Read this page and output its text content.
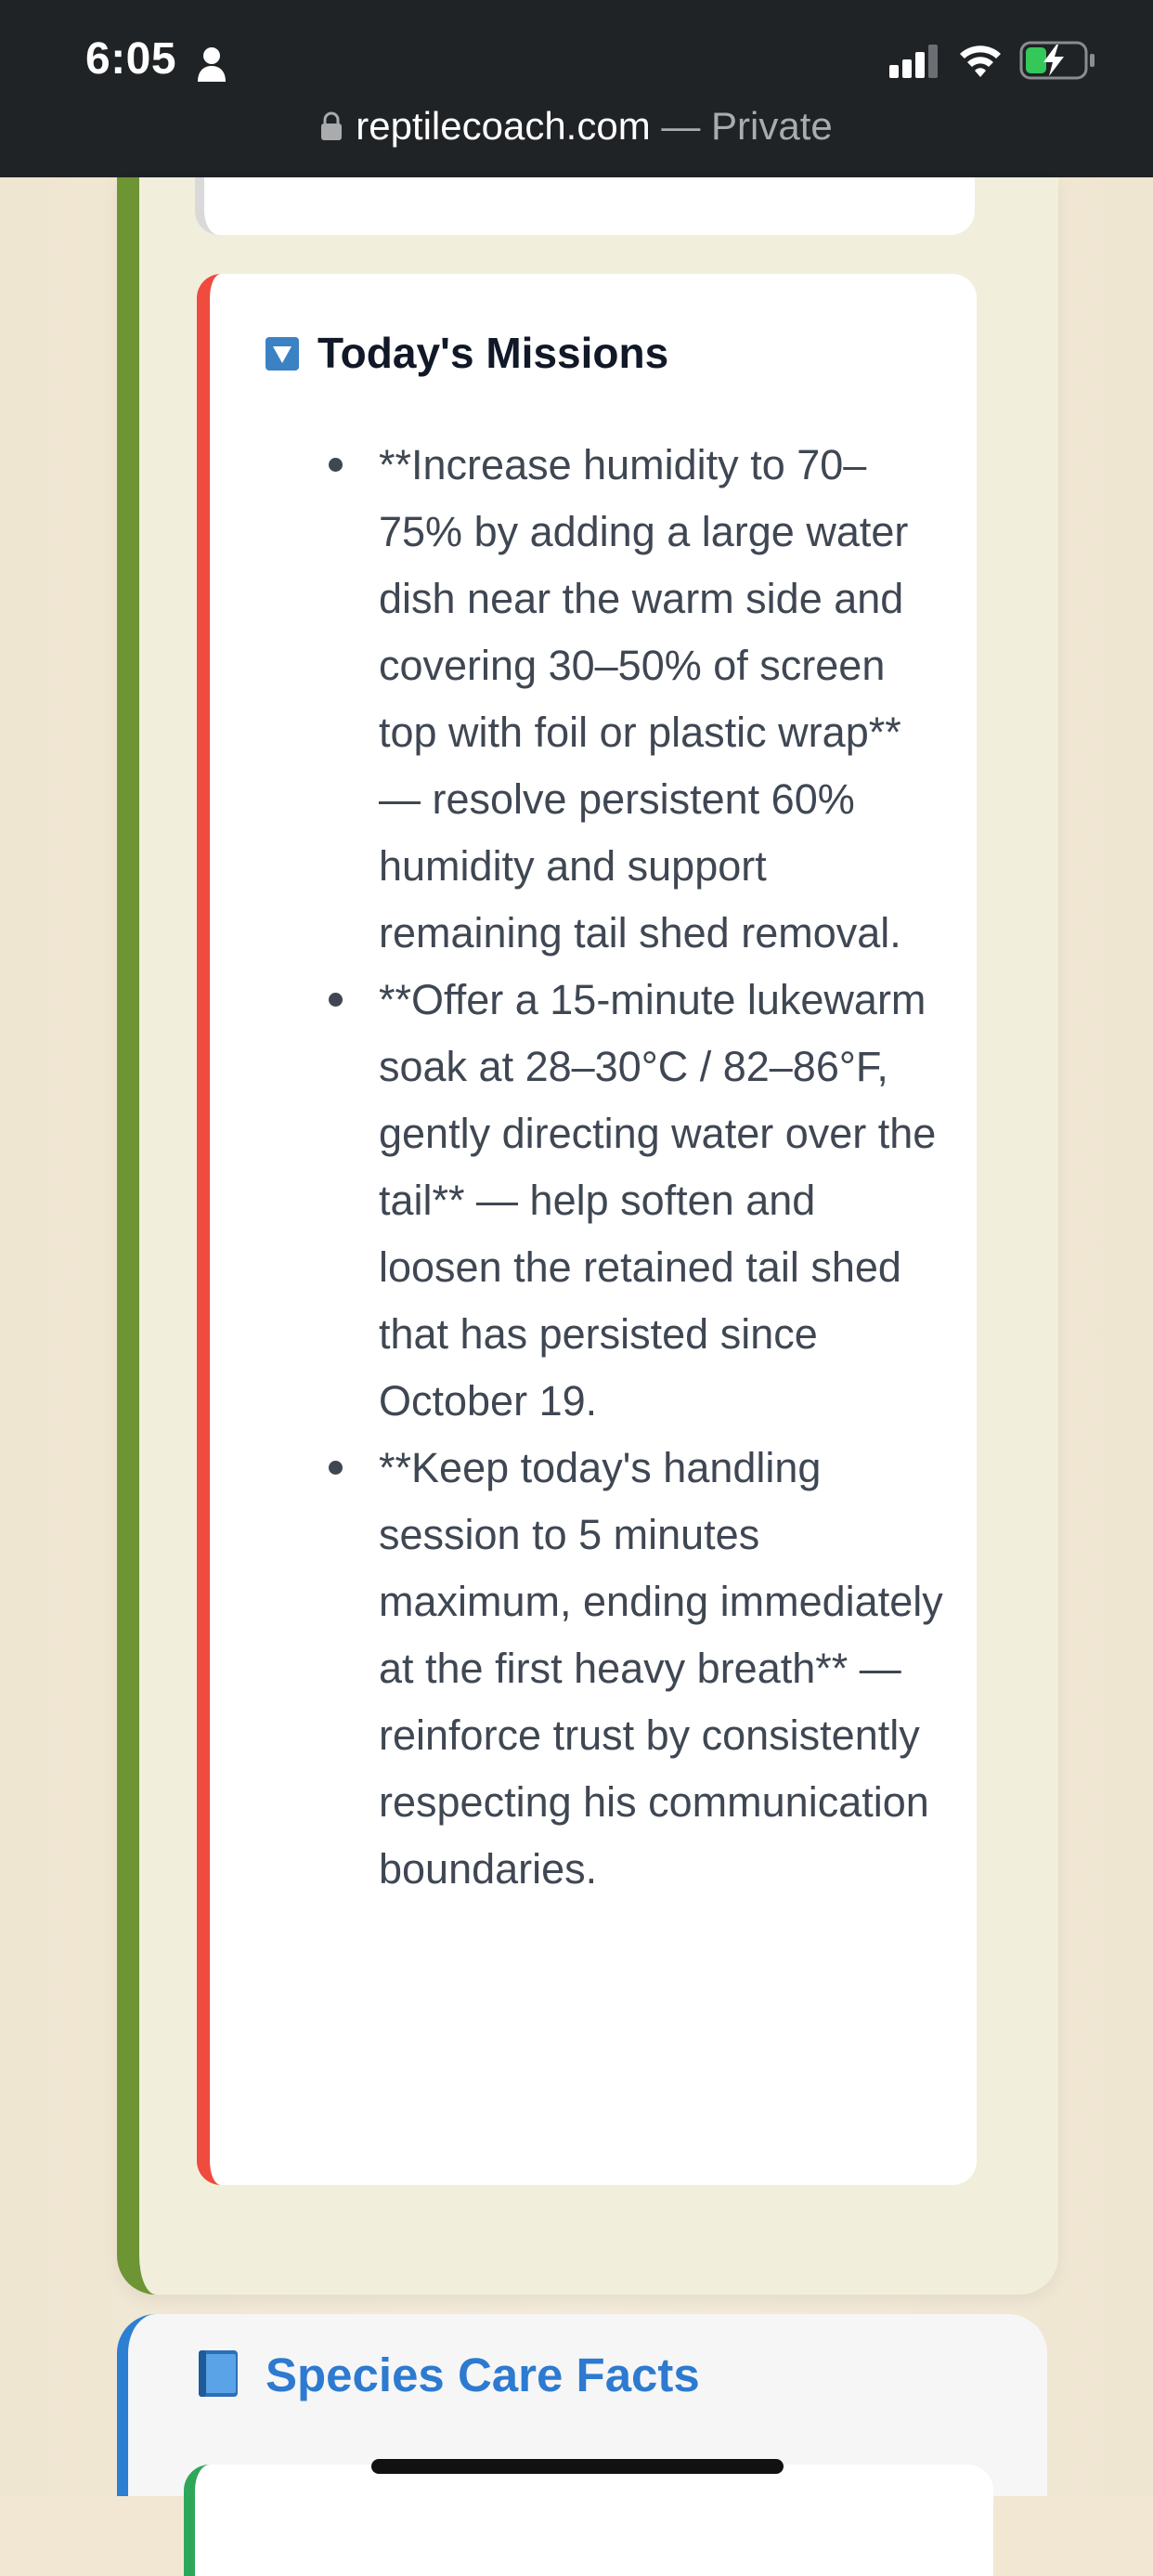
6:05
reptilecoach.com — Private
Today's Missions
**Increase humidity to 70–75% by adding a large water dish near the warm side and covering 30–50% of screen top with foil or plastic wrap** — resolve persistent 60% humidity and support remaining tail shed removal.
**Offer a 15-minute lukewarm soak at 28–30°C / 82–86°F, gently directing water over the tail** — help soften and loosen the retained tail shed that has persisted since October 19.
**Keep today's handling session to 5 minutes maximum, ending immediately at the first heavy breath** — reinforce trust by consistently respecting his communication boundaries.
Species Care Facts
